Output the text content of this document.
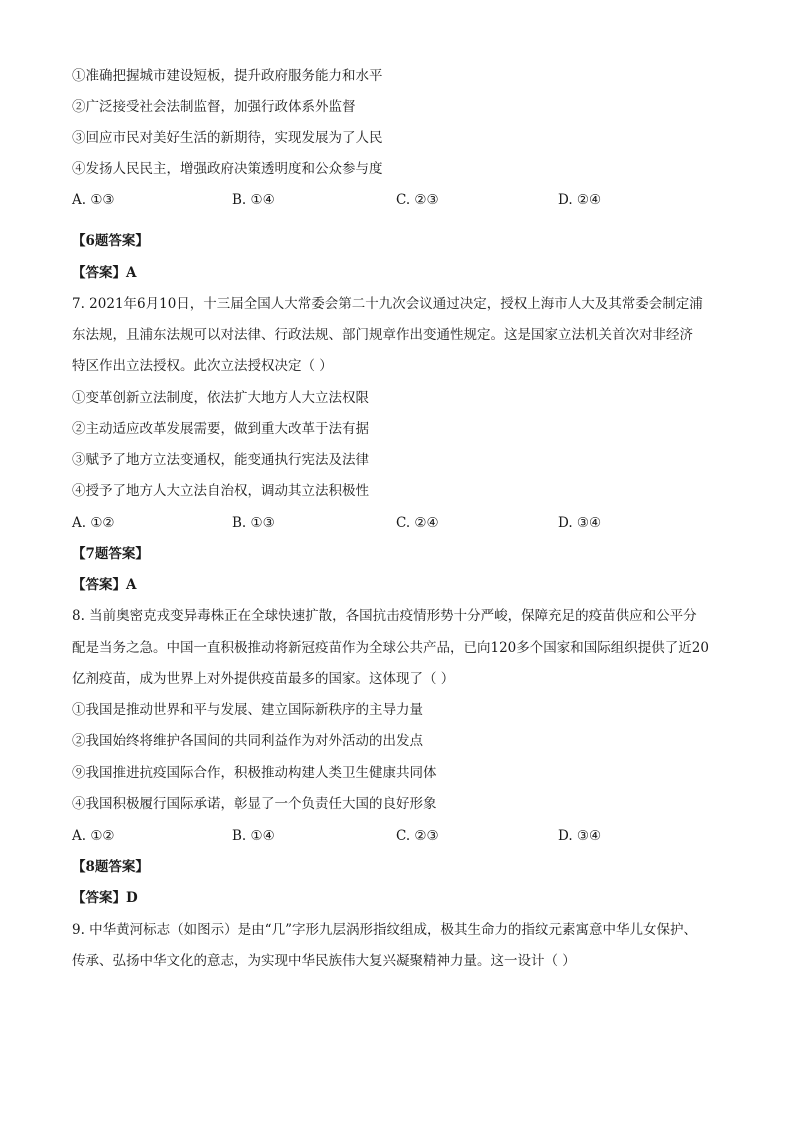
①准确把握城市建设短板，提升政府服务能力和水平
②广泛接受社会法制监督，加强行政体系外监督
③回应市民对美好生活的新期待，实现发展为了人民
④发扬人民民主，增强政府决策透明度和公众参与度
A. ①③	B. ①④	C. ②③	D. ②④
【6题答案】
【答案】A
7. 2021年6月10日，十三届全国人大常委会第二十九次会议通过决定，授权上海市人大及其常委会制定浦
东法规，且浦东法规可以对法律、行政法规、部门规章作出变通性规定。这是国家立法机关首次对非经济
特区作出立法授权。此次立法授权决定（ ）
①变革创新立法制度，依法扩大地方人大立法权限
②主动适应改革发展需要，做到重大改革于法有据
③赋予了地方立法变通权，能变通执行宪法及法律
④授予了地方人大立法自治权，调动其立法积极性
A. ①②	B. ①③	C. ②④	D. ③④
【7题答案】
【答案】A
8. 当前奥密克戎变异毒株正在全球快速扩散，各国抗击疫情形势十分严峻，保障充足的疫苗供应和公平分
配是当务之急。中国一直积极推动将新冠疫苗作为全球公共产品，已向120多个国家和国际组织提供了近20
亿剂疫苗，成为世界上对外提供疫苗最多的国家。这体现了（ ）
①我国是推动世界和平与发展、建立国际新秩序的主导力量
②我国始终将维护各国间的共同利益作为对外活动的出发点
⑨我国推进抗疫国际合作，积极推动构建人类卫生健康共同体
④我国积极履行国际承诺，彰显了一个负责任大国的良好形象
A. ①②	B. ①④	C. ②③	D. ③④
【8题答案】
【答案】D
9. 中华黄河标志（如图示）是由“几”字形九层涡形指纹组成，极其生命力的指纹元素寓意中华儿女保护、
传承、弘扬中华文化的意志，为实现中华民族伟大复兴凝聚精神力量。这一设计（ ）
